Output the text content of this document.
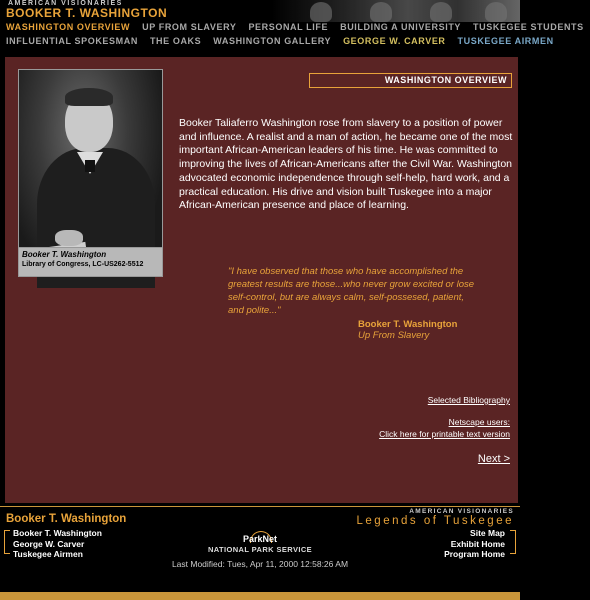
AMERICAN VISIONARIES
BOOKER T. WASHINGTON
WASHINGTON OVERVIEW	UP FROM SLAVERY	PERSONAL LIFE	BUILDING A UNIVERSITY	TUSKEGEE STUDENTS
INFLUENTIAL SPOKESMAN	THE OAKS	WASHINGTON GALLERY	GEORGE W. CARVER	TUSKEGEE AIRMEN
Booker T. Washington
Library of Congress, LC-US262-5512
WASHINGTON OVERVIEW

Booker Taliaferro Washington rose from slavery to a position of power and influence. A realist and a man of action, he became one of the most important African-American leaders of his time. He was committed to improving the lives of African-Americans after the Civil War. Washington advocated economic independence through self-help, hard work, and a practical education. His drive and vision built Tuskegee into a major African-American presence and place of learning.

"I have observed that those who have accomplished the greatest results are those...who never grow excited or lose self-control, but are always calm, self-possesed, patient, and polite..."
Booker T. Washington
Up From Slavery
Selected Bibliography
Netscape users:
Click here for printable text version
Next >
Booker T. Washington
Booker T. Washington
George W. Carver
Tuskegee Airmen
AMERICAN VISIONARIES
Legends of Tuskegee
Site Map
Exhibit Home
Program Home
ParkNet
NATIONAL PARK SERVICE
Last Modified: Tues, Apr 11, 2000 12:58:26 AM
